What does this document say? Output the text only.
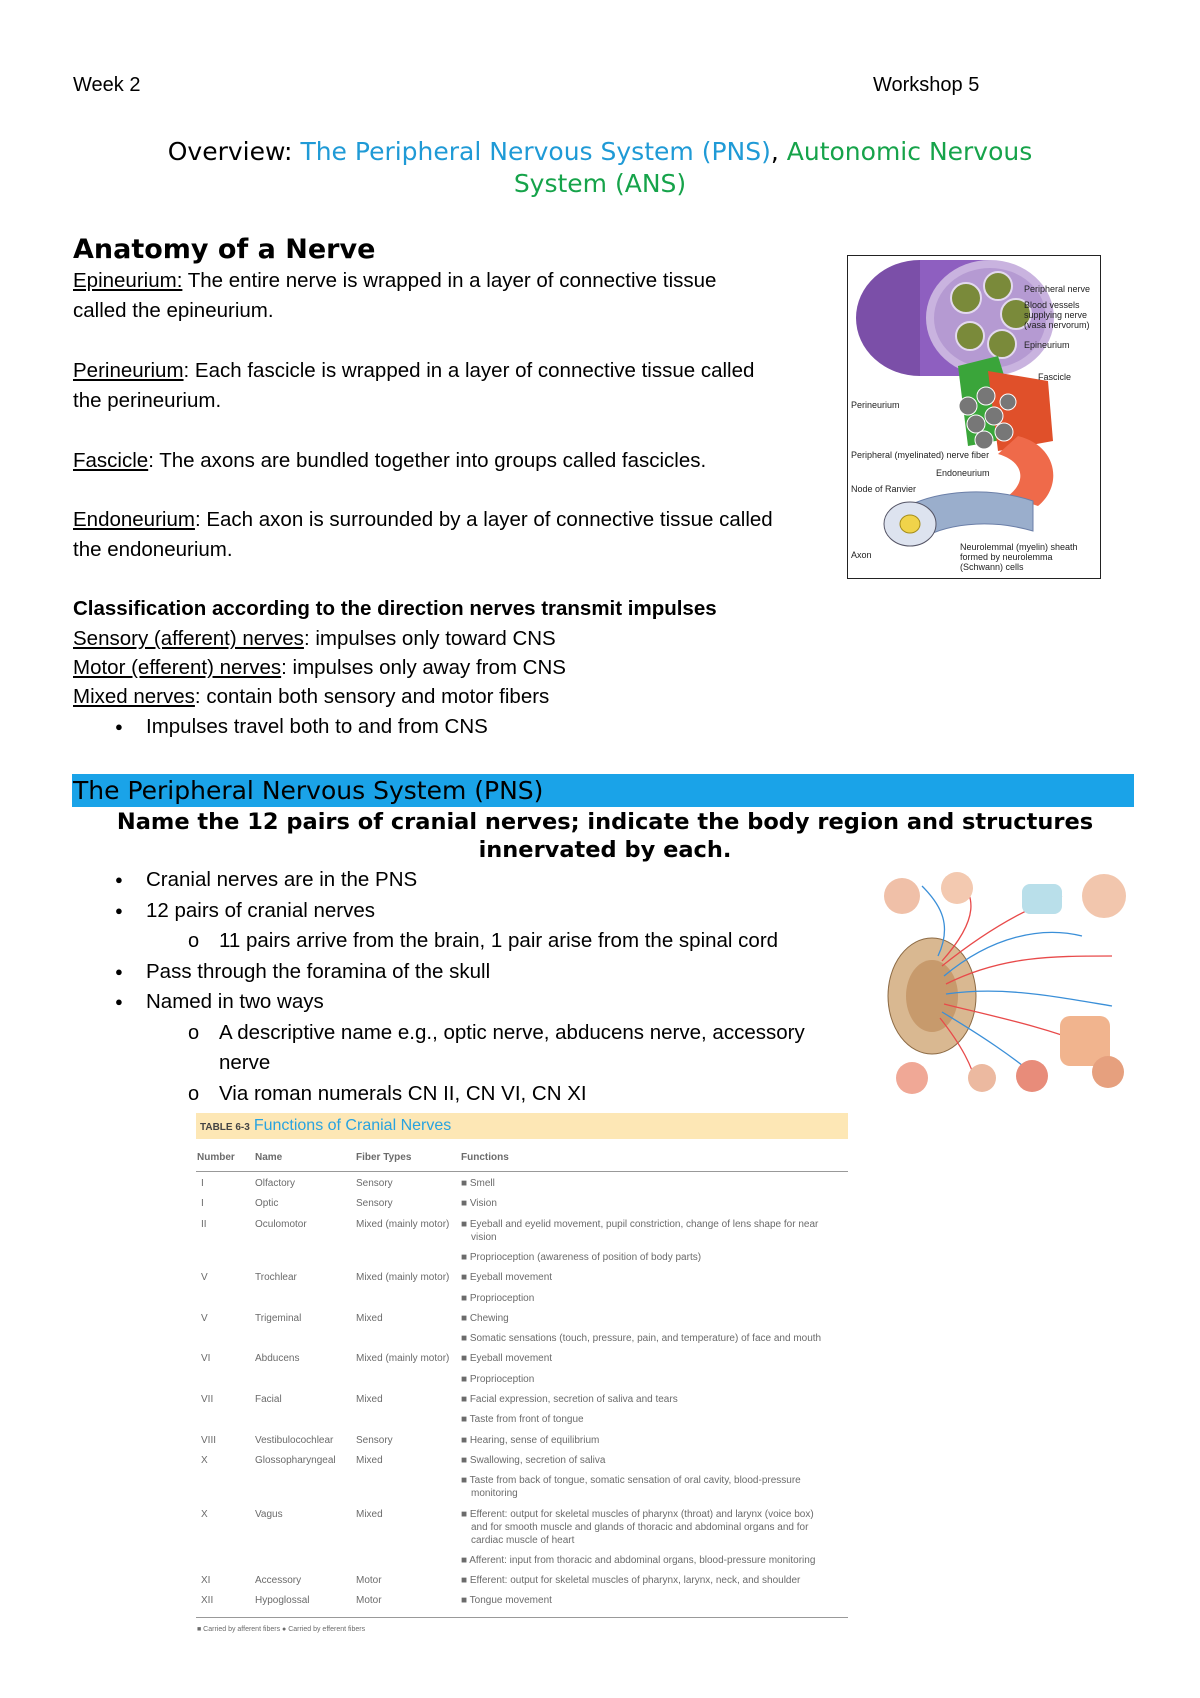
Week 2	Workshop 5
Overview: The Peripheral Nervous System (PNS), Autonomic Nervous
System (ANS)
Anatomy of a Nerve
Epineurium: The entire nerve is wrapped in a layer of connective tissue
called the epineurium.
Perineurium: Each fascicle is wrapped in a layer of connective tissue called
the perineurium.
Fascicle: The axons are bundled together into groups called fascicles.
Endoneurium: Each axon is surrounded by a layer of connective tissue called
the endoneurium.
Classification according to the direction nerves transmit impulses
Sensory (afferent) nerves: impulses only toward CNS
Motor (efferent) nerves: impulses only away from CNS
Mixed nerves: contain both sensory and motor fibers
● Impulses travel both to and from CNS
Peripheral nerve
Blood vessels
supplying nerve
(vasa nervorum)
Epineurium
Fascicle
Perineurium
Peripheral (myelinated) nerve fiber
Endoneurium
Node of Ranvier
Neurolemmal (myelin) sheath
formed by neurolemma
(Schwann) cells
Axon
The Peripheral Nervous System (PNS)
Name the 12 pairs of cranial nerves; indicate the body region and structures
innervated by each.
● Cranial nerves are in the PNS
● 12 pairs of cranial nerves
o 11 pairs arrive from the brain, 1 pair arise from the spinal cord
● Pass through the foramina of the skull
● Named in two ways
o A descriptive name e.g., optic nerve, abducens nerve, accessory
nerve
o Via roman numerals CN II, CN VI, CN XI
TABLE 6-3 Functions of Cranial Nerves
Number Name	Fiber Types	Functions
I	Olfactory	Sensory	■ Smell
I	Optic	Sensory	■ Vision
II	Oculomotor	Mixed (mainly motor) ■ Eyeball and eyelid movement, pupil constriction, change of lens shape for near
vision
■ Proprioception (awareness of position of body parts)
V	Trochlear	Mixed (mainly motor) ■ Eyeball movement
■ Proprioception
V	Trigeminal	Mixed	■ Chewing
■ Somatic sensations (touch, pressure, pain, and temperature) of face and mouth
VI	Abducens	Mixed (mainly motor) ■ Eyeball movement
■ Proprioception
VII	Facial	Mixed	■ Facial expression, secretion of saliva and tears
■ Taste from front of tongue
VIII	Vestibulocochlear Sensory	■ Hearing, sense of equilibrium
X	Glossopharyngeal Mixed	■ Swallowing, secretion of saliva
■ Taste from back of tongue, somatic sensation of oral cavity, blood-pressure
monitoring
X	Vagus	Mixed	■ Efferent: output for skeletal muscles of pharynx (throat) and larynx (voice box)
and for smooth muscle and glands of thoracic and abdominal organs and for
cardiac muscle of heart
■ Afferent: input from thoracic and abdominal organs, blood-pressure monitoring
XI	Accessory	Motor	■ Efferent: output for skeletal muscles of pharynx, larynx, neck, and shoulder
XII	Hypoglossal	Motor	■ Tongue movement
■ Carried by afferent fibers ● Carried by efferent fibers
